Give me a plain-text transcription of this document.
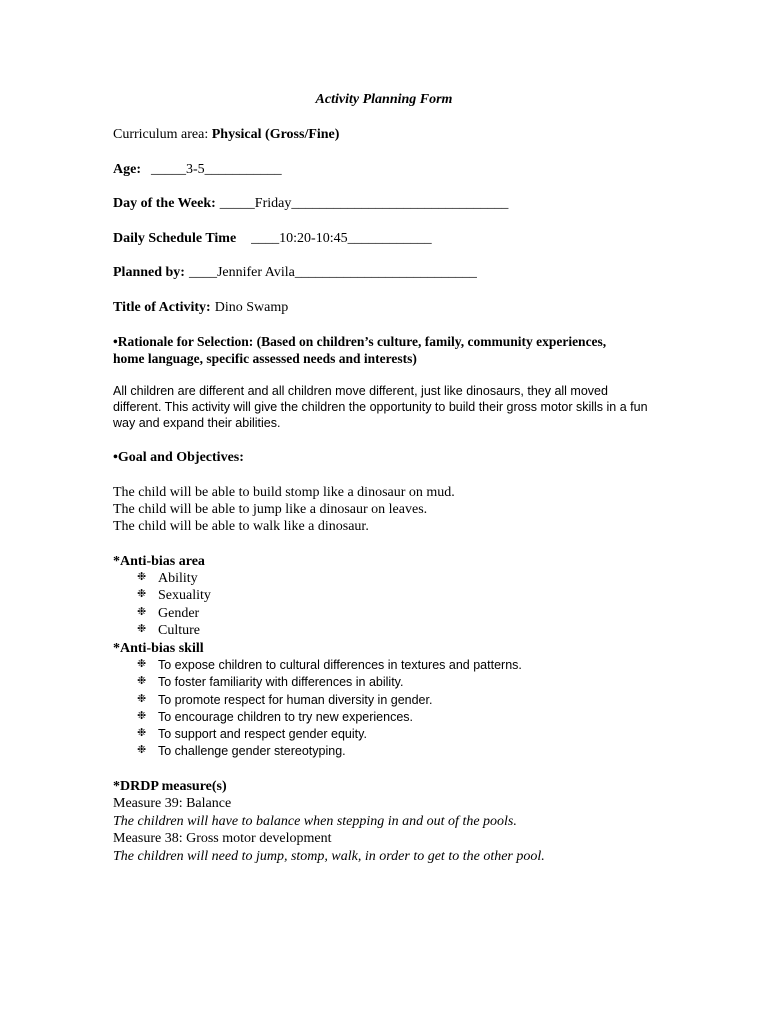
Activity Planning Form
Curriculum area: Physical (Gross/Fine)
Age: _____3-5___________
Day of the Week: _____Friday_______________________________
Daily Schedule Time ____10:20-10:45____________
Planned by: ____Jennifer Avila__________________________
Title of Activity: Dino Swamp
•Rationale for Selection: (Based on children’s culture, family, community experiences,
home language, specific assessed needs and interests)
All children are different and all children move different, just like dinosaurs, they all moved different. This activity will give the children the opportunity to build their gross motor skills in a fun way and expand their abilities.
•Goal and Objectives:
The child will be able to build stomp like a dinosaur on mud.
The child will be able to jump like a dinosaur on leaves.
The child will be able to walk like a dinosaur.
*Anti-bias area
❉ Ability
❉ Sexuality
❉ Gender
❉ Culture
*Anti-bias skill
❉ To expose children to cultural differences in textures and patterns.
❉ To foster familiarity with differences in ability.
❉ To promote respect for human diversity in gender.
❉ To encourage children to try new experiences.
❉ To support and respect gender equity.
❉ To challenge gender stereotyping.
*DRDP measure(s)
Measure 39: Balance
The children will have to balance when stepping in and out of the pools.
Measure 38: Gross motor development
The children will need to jump, stomp, walk, in order to get to the other pool.
